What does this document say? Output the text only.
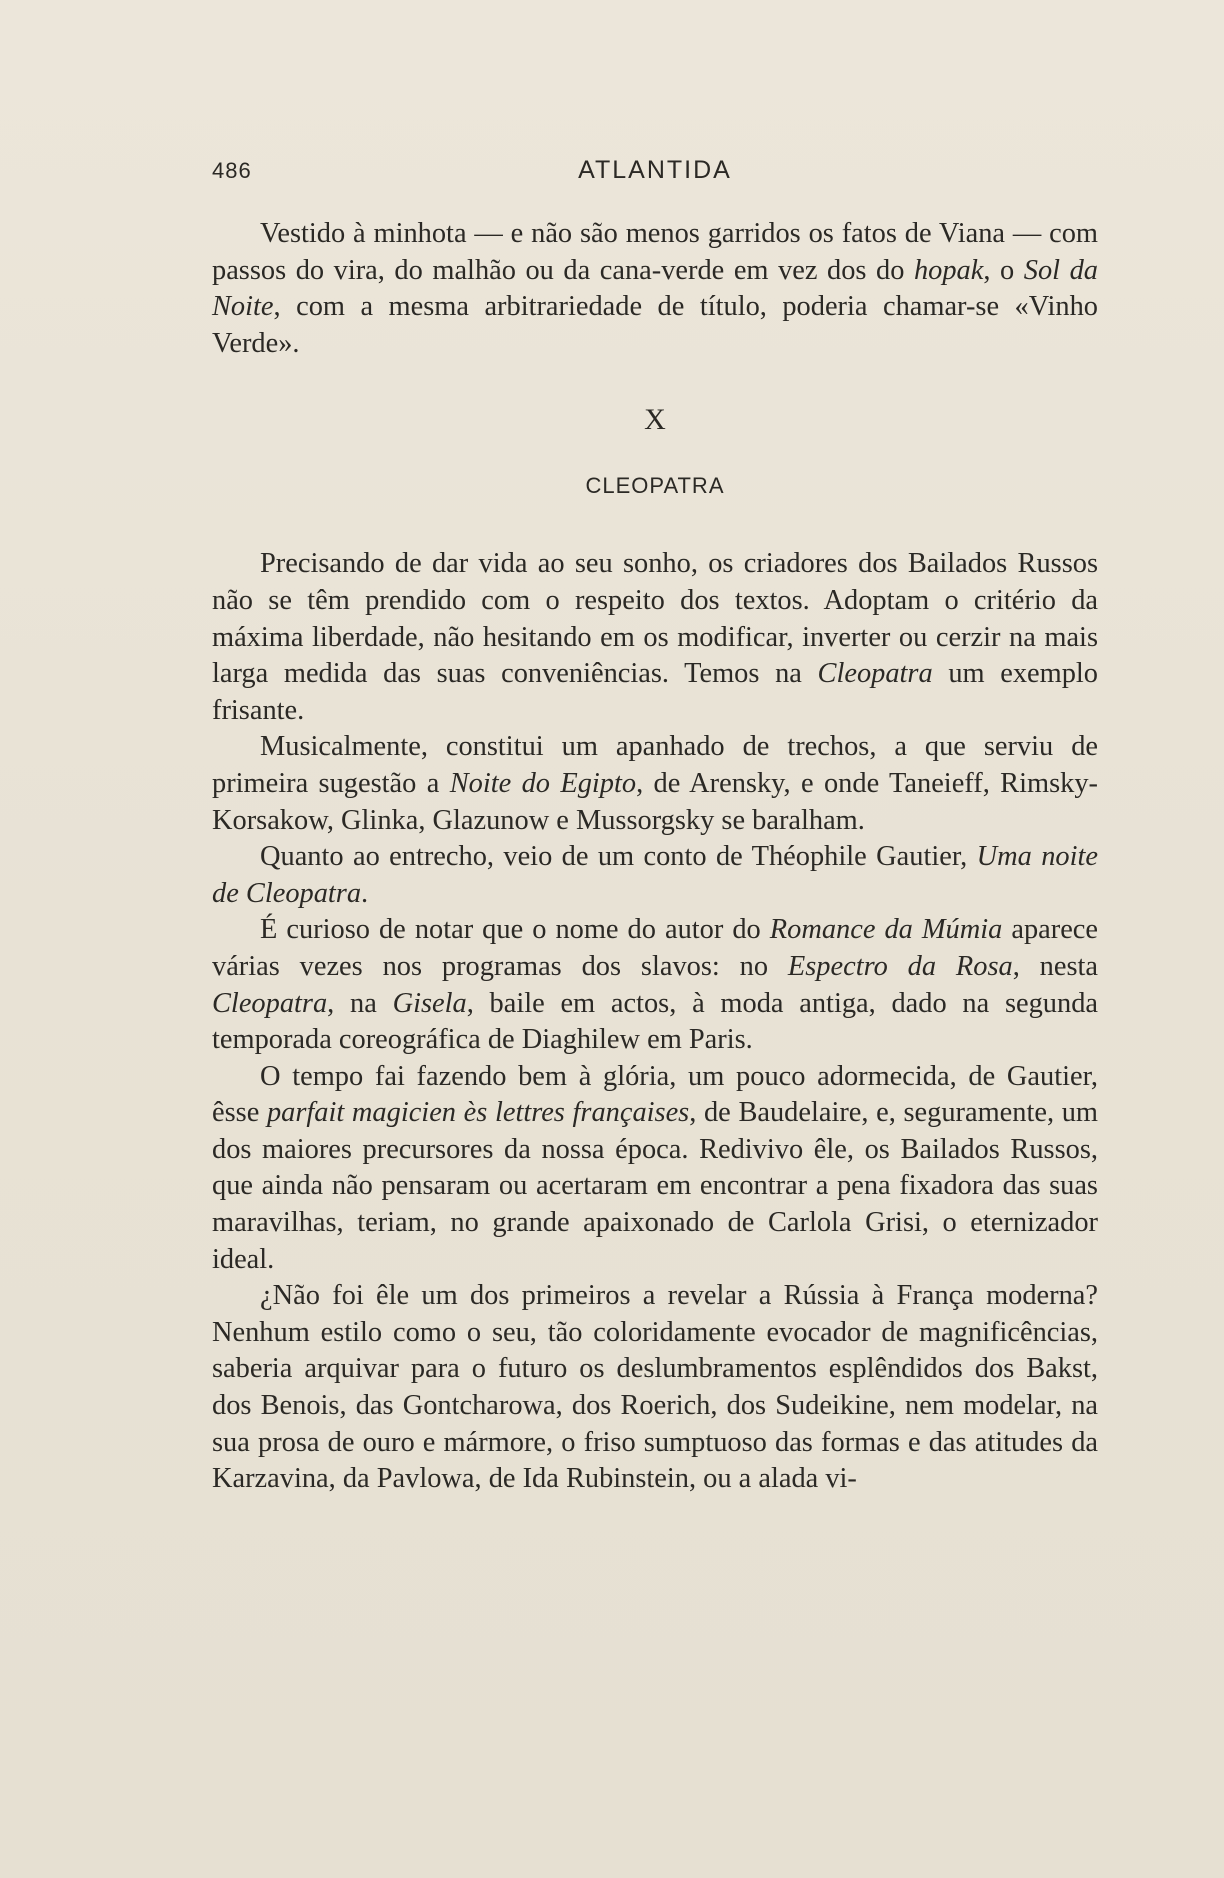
486	ATLANTIDA

Vestido à minhota — e não são menos garridos os fatos de Viana — com passos do vira, do malhão ou da cana-verde em vez dos do hopak, o Sol da Noite, com a mesma arbitrariedade de título, poderia chamar-se «Vinho Verde».

X
CLEOPATRA

Precisando de dar vida ao seu sonho, os criadores dos Bailados Russos não se têm prendido com o respeito dos textos. Adoptam o critério da máxima liberdade, não hesitando em os modificar, inverter ou cerzir na mais larga medida das suas conveniências. Temos na Cleopatra um exemplo frisante.

Musicalmente, constitui um apanhado de trechos, a que serviu de primeira sugestão a Noite do Egipto, de Arensky, e onde Taneieff, Rimsky-Korsakow, Glinka, Glazunow e Mussorgsky se baralham.

Quanto ao entrecho, veio de um conto de Théophile Gautier, Uma noite de Cleopatra.

É curioso de notar que o nome do autor do Romance da Múmia aparece várias vezes nos programas dos slavos: no Espectro da Rosa, nesta Cleopatra, na Gisela, baile em actos, à moda antiga, dado na segunda temporada coreográfica de Diaghilew em Paris.

O tempo fai fazendo bem à glória, um pouco adormecida, de Gautier, êsse parfait magicien ès lettres françaises, de Baudelaire, e, seguramente, um dos maiores precursores da nossa época. Redivivo êle, os Bailados Russos, que ainda não pensaram ou acertaram em encontrar a pena fixadora das suas maravilhas, teriam, no grande apaixonado de Carlola Grisi, o eternizador ideal.

¿Não foi êle um dos primeiros a revelar a Rússia à França moderna? Nenhum estilo como o seu, tão coloridamente evocador de magnificências, saberia arquivar para o futuro os deslumbramentos esplêndidos dos Bakst, dos Benois, das Gontcharowa, dos Roerich, dos Sudeikine, nem modelar, na sua prosa de ouro e mármore, o friso sumptuoso das formas e das atitudes da Karzavina, da Pavlowa, de Ida Rubinstein, ou a alada vi-
